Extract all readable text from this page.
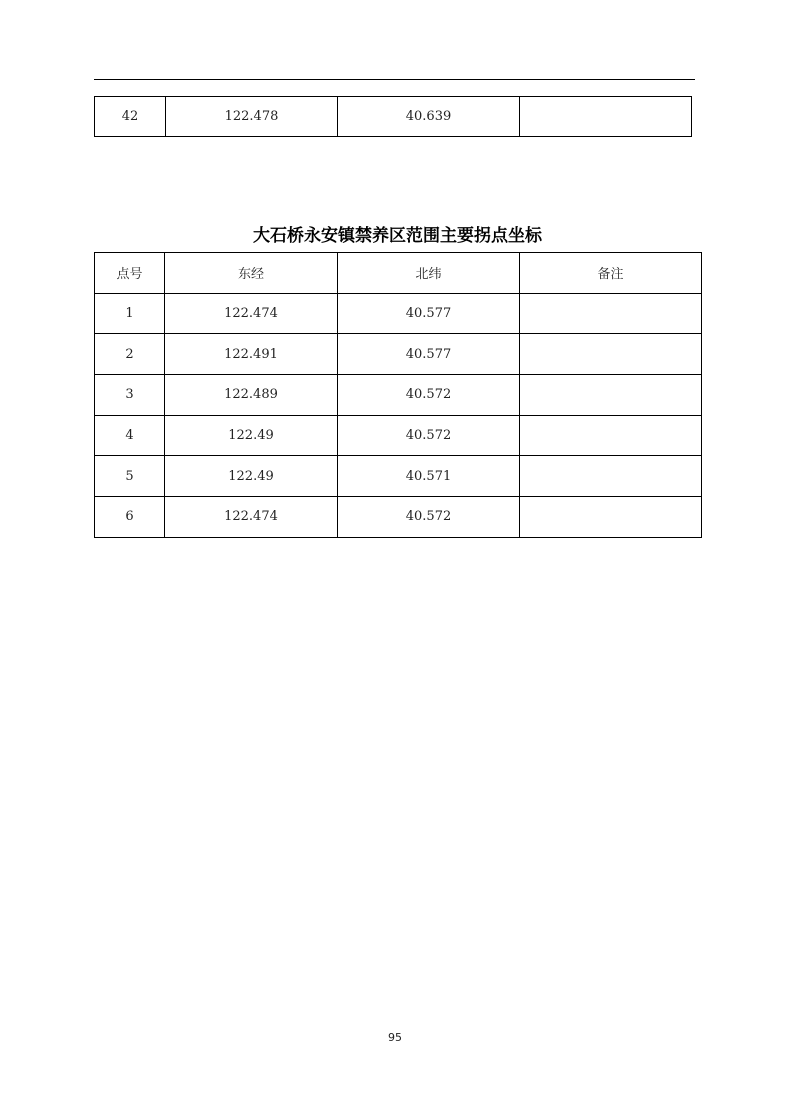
42	122.478	40.639	
大石桥永安镇禁养区范围主要拐点坐标
点号	东经	北纬	备注
1	122.474	40.577	
2	122.491	40.577	
3	122.489	40.572	
4	122.49	40.572	
5	122.49	40.571	
6	122.474	40.572	
95
